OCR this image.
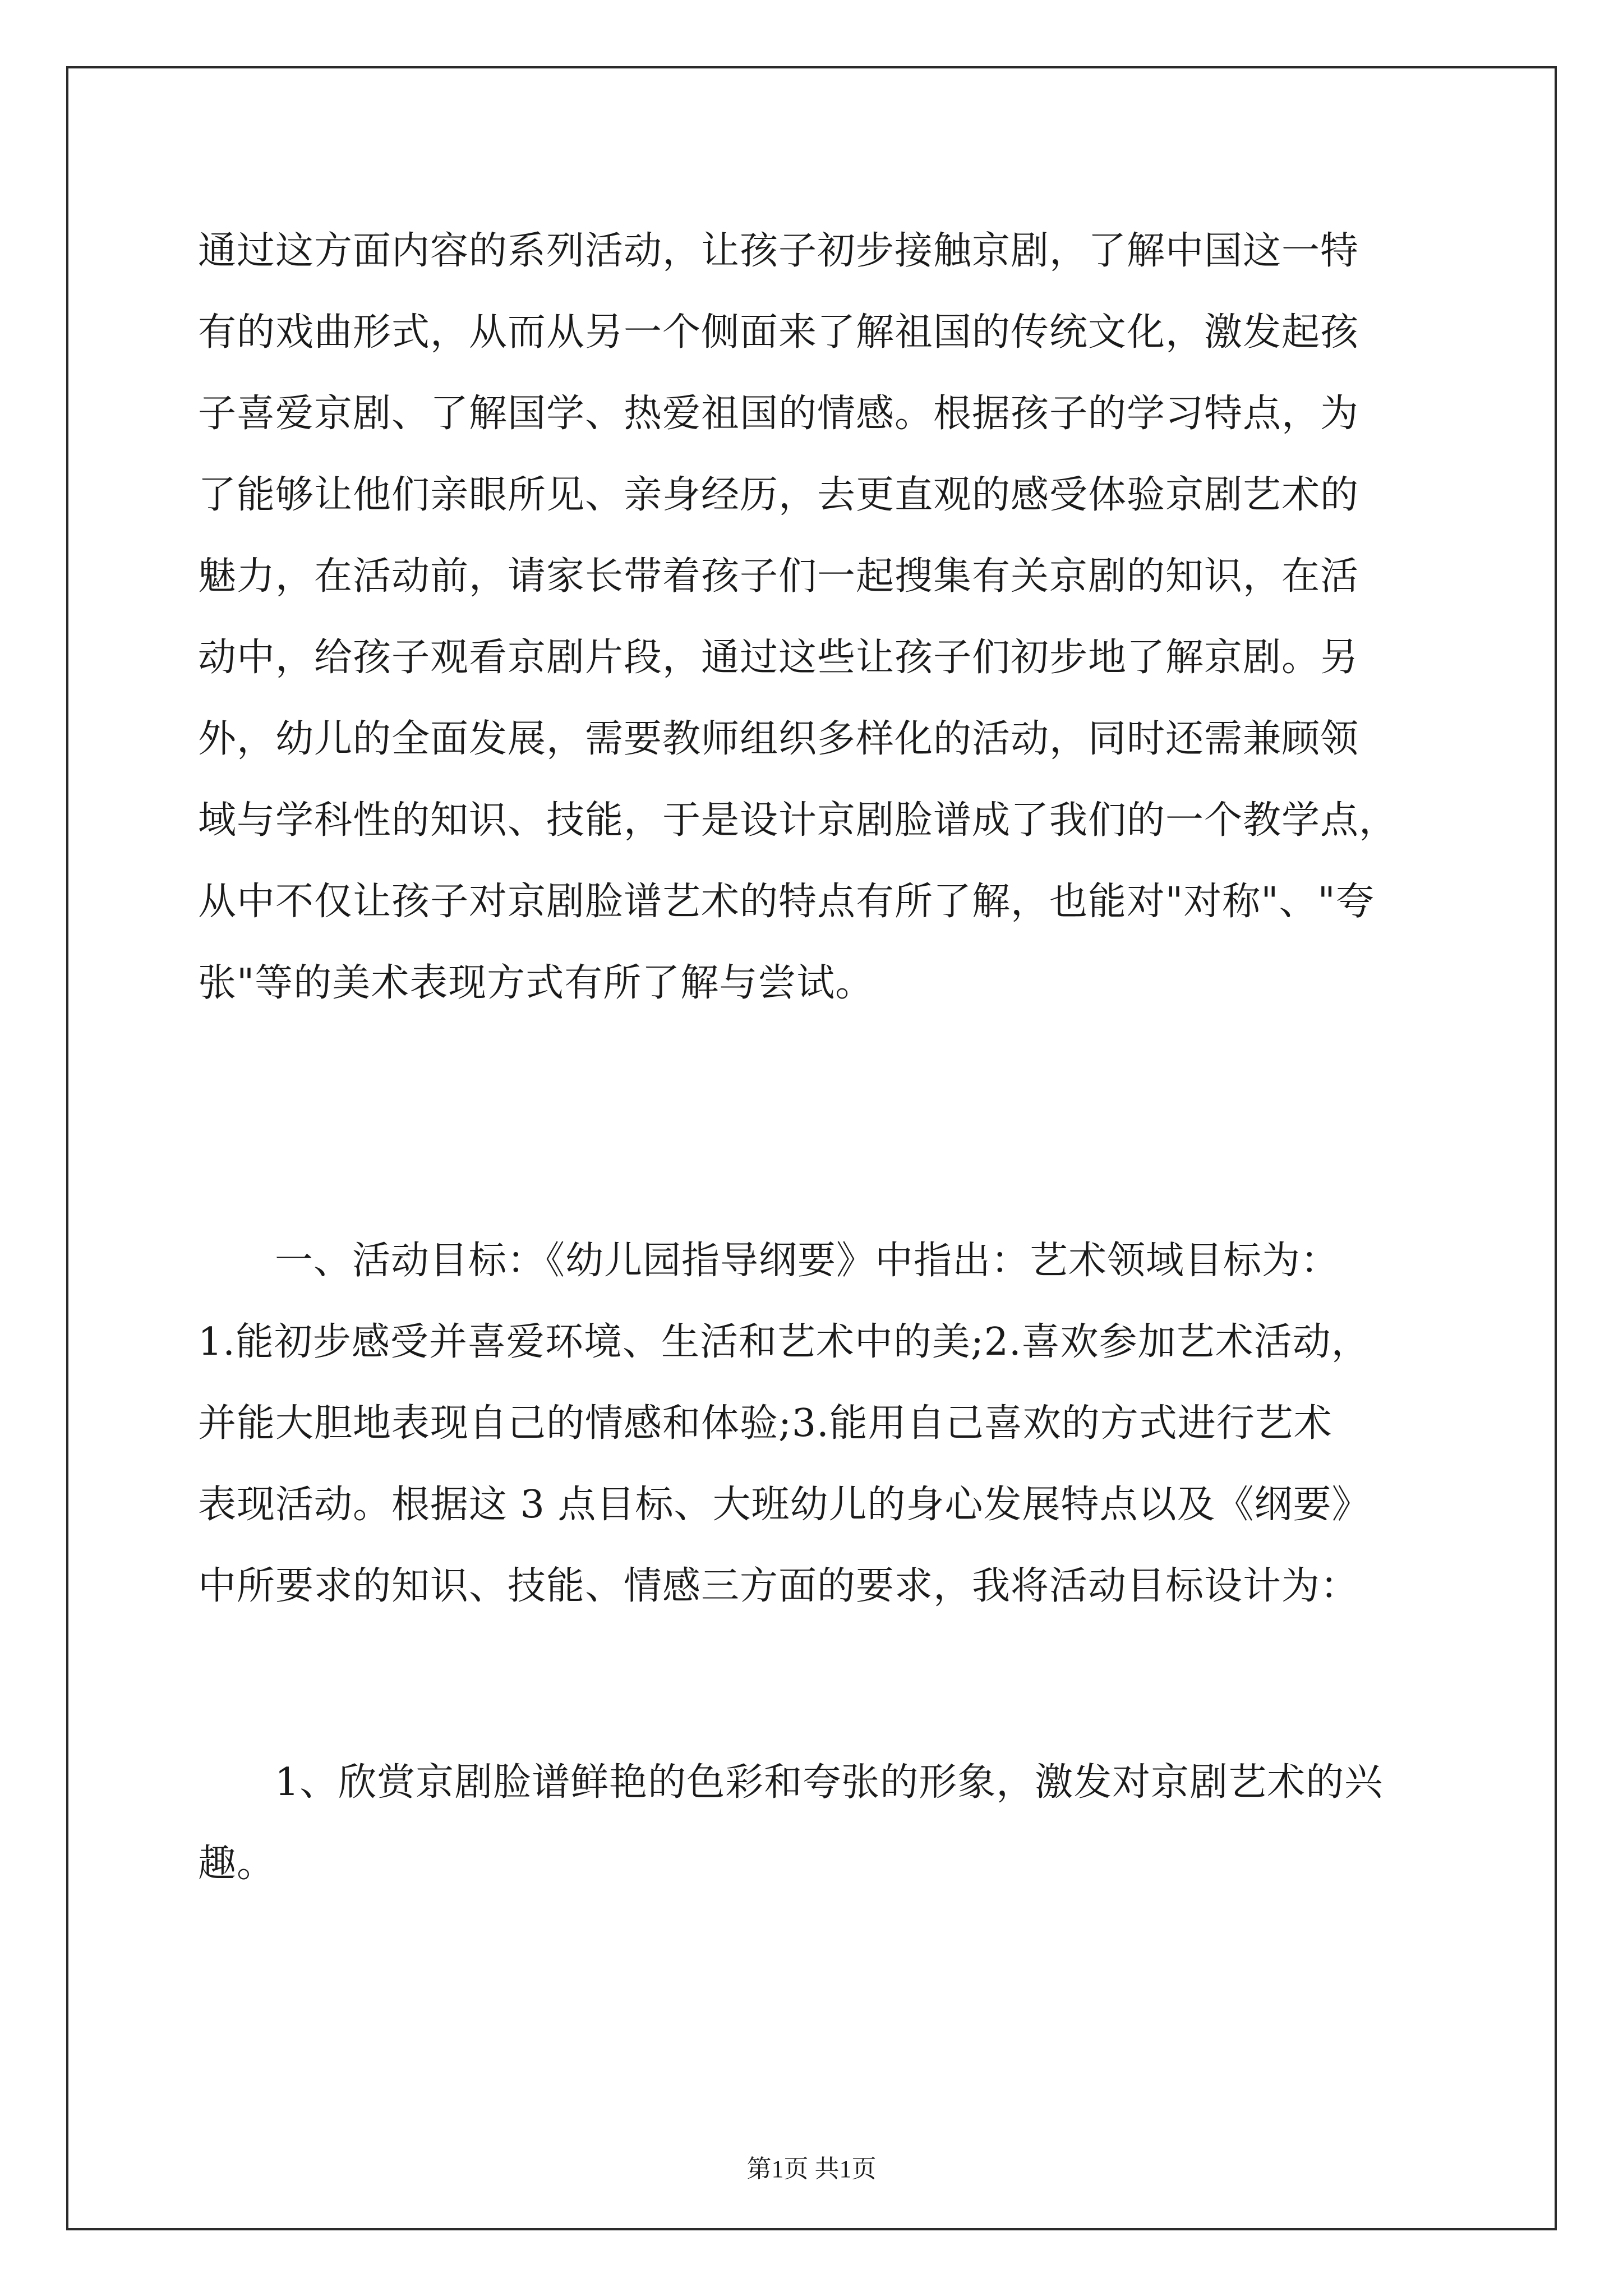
通过这方面内容的系列活动，让孩子初步接触京剧，了解中国这一特

有的戏曲形式，从而从另一个侧面来了解祖国的传统文化，激发起孩

子喜爱京剧、了解国学、热爱祖国的情感。根据孩子的学习特点，为

了能够让他们亲眼所见、亲身经历，去更直观的感受体验京剧艺术的

魅力，在活动前，请家长带着孩子们一起搜集有关京剧的知识，在活

动中，给孩子观看京剧片段，通过这些让孩子们初步地了解京剧。另

外，幼儿的全面发展，需要教师组织多样化的活动，同时还需兼顾领

域与学科性的知识、技能，于是设计京剧脸谱成了我们的一个教学点，

从中不仅让孩子对京剧脸谱艺术的特点有所了解，也能对"对称"、"夸

张"等的美术表现方式有所了解与尝试。

一、活动目标：《幼儿园指导纲要》中指出：艺术领域目标为：

1.能初步感受并喜爱环境、生活和艺术中的美;2.喜欢参加艺术活动，

并能大胆地表现自己的情感和体验;3.能用自己喜欢的方式进行艺术

表现活动。根据这 3 点目标、大班幼儿的身心发展特点以及《纲要》

中所要求的知识、技能、情感三方面的要求，我将活动目标设计为：

1、欣赏京剧脸谱鲜艳的色彩和夸张的形象，激发对京剧艺术的兴

趣。

第1页 共1页
